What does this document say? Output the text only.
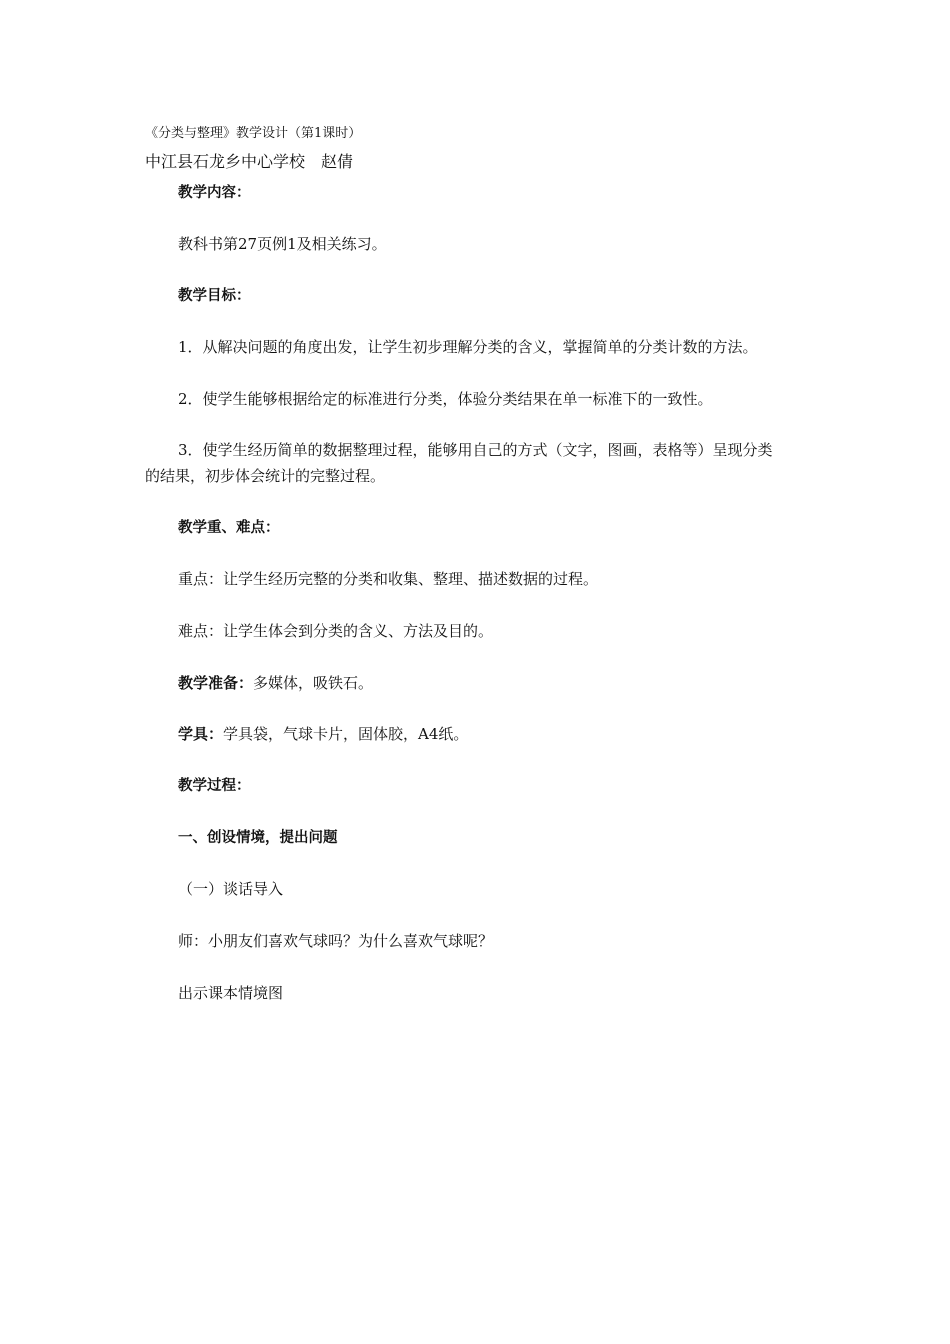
《分类与整理》教学设计（第1课时）
中江县石龙乡中心学校　赵倩
教学内容：
教科书第27页例1及相关练习。
教学目标：
1．从解决问题的角度出发，让学生初步理解分类的含义，掌握简单的分类计数的方法。
2．使学生能够根据给定的标准进行分类，体验分类结果在单一标准下的一致性。
3．使学生经历简单的数据整理过程，能够用自己的方式（文字，图画，表格等）呈现分类
的结果，初步体会统计的完整过程。
教学重、难点：
重点：让学生经历完整的分类和收集、整理、描述数据的过程。
难点：让学生体会到分类的含义、方法及目的。
教学准备：多媒体，吸铁石。
学具：学具袋，气球卡片，固体胶，A4纸。
教学过程：
一、创设情境，提出问题
（一）谈话导入
师：小朋友们喜欢气球吗？为什么喜欢气球呢？
出示课本情境图
